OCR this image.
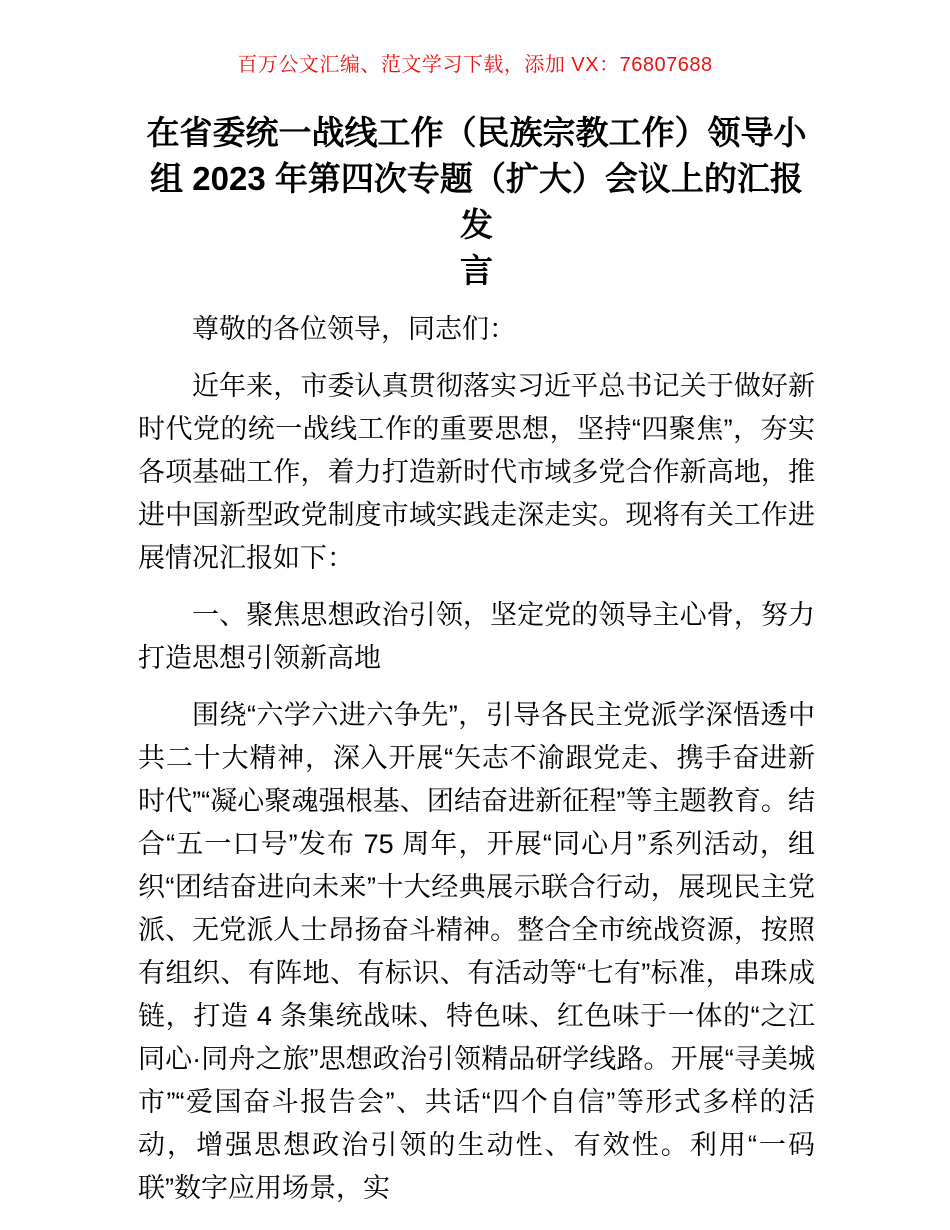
百万公文汇编、范文学习下载，添加 VX：76807688
在省委统一战线工作（民族宗教工作）领导小
组 2023 年第四次专题（扩大）会议上的汇报发
言

尊敬的各位领导，同志们：

近年来，市委认真贯彻落实习近平总书记关于做好新时代党的统一战线工作的重要思想，坚持“四聚焦”，夯实各项基础工作，着力打造新时代市域多党合作新高地，推进中国新型政党制度市域实践走深走实。现将有关工作进展情况汇报如下：

一、聚焦思想政治引领，坚定党的领导主心骨，努力打造思想引领新高地

围绕“六学六进六争先”，引导各民主党派学深悟透中共二十大精神，深入开展“矢志不渝跟党走、携手奋进新时代”“凝心聚魂强根基、团结奋进新征程”等主题教育。结合“五一口号”发布 75 周年，开展“同心月”系列活动，组织“团结奋进向未来”十大经典展示联合行动，展现民主党派、无党派人士昂扬奋斗精神。整合全市统战资源，按照有组织、有阵地、有标识、有活动等“七有”标准，串珠成链，打造 4 条集统战味、特色味、红色味于一体的“之江同心·同舟之旅”思想政治引领精品研学线路。开展“寻美城市”“爱国奋斗报告会”、共话“四个自信”等形式多样的活动，增强思想政治引领的生动性、有效性。利用“一码联”数字应用场景，实
